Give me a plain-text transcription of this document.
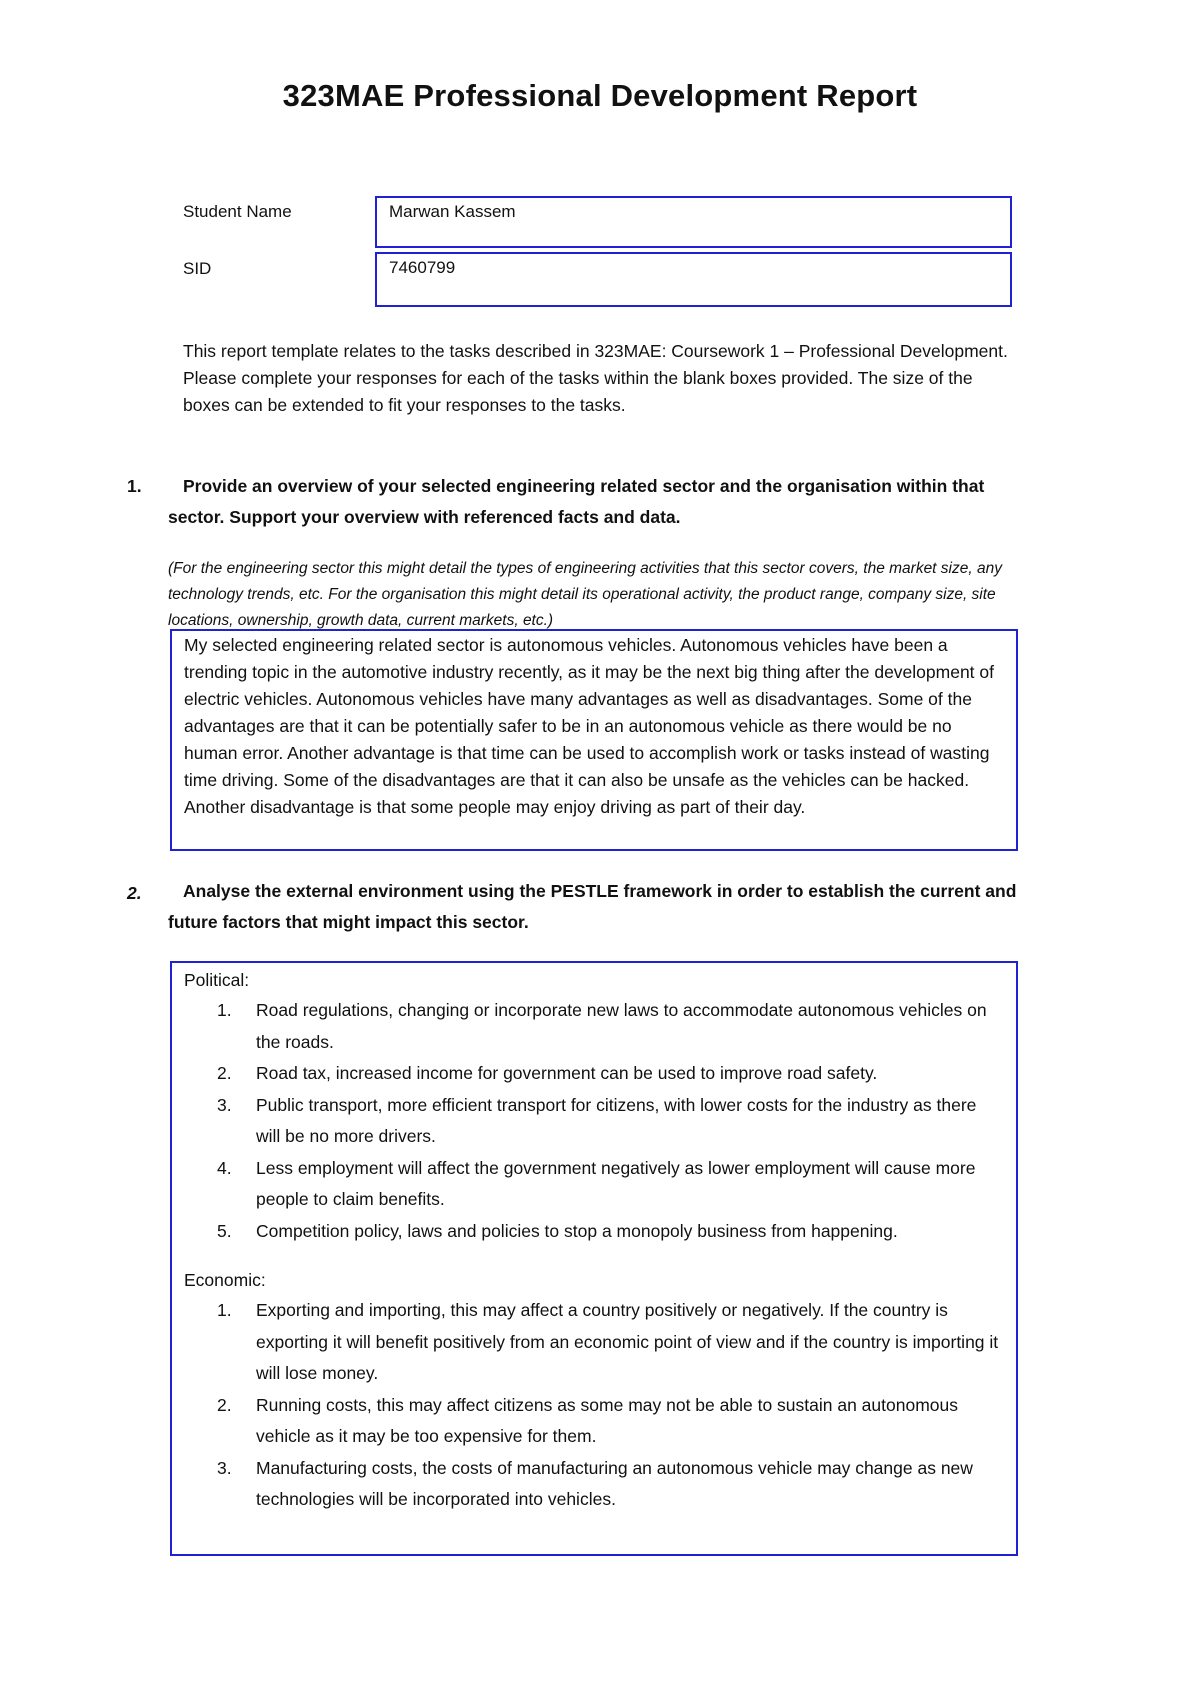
323MAE Professional Development Report
Student Name	Marwan Kassem
SID	7460799

This report template relates to the tasks described in 323MAE: Coursework 1 – Professional Development.

Please complete your responses for each of the tasks within the blank boxes provided. The size of the boxes can be extended to fit your responses to the tasks.

1.	Provide an overview of your selected engineering related sector and the organisation within that sector. Support your overview with referenced facts and data.
(For the engineering sector this might detail the types of engineering activities that this sector covers, the market size, any technology trends, etc. For the organisation this might detail its operational activity, the product range, company size, site locations, ownership, growth data, current markets, etc.)

My selected engineering related sector is autonomous vehicles. Autonomous vehicles have been a trending topic in the automotive industry recently, as it may be the next big thing after the development of electric vehicles. Autonomous vehicles have many advantages as well as disadvantages. Some of the advantages are that it can be potentially safer to be in an autonomous vehicle as there would be no human error. Another advantage is that time can be used to accomplish work or tasks instead of wasting time driving. Some of the disadvantages are that it can also be unsafe as the vehicles can be hacked. Another disadvantage is that some people may enjoy driving as part of their day.

2.	Analyse the external environment using the PESTLE framework in order to establish the current and future factors that might impact this sector.

Political:

1. Road regulations, changing or incorporate new laws to accommodate autonomous vehicles on the roads.
2. Road tax, increased income for government can be used to improve road safety.
3. Public transport, more efficient transport for citizens, with lower costs for the industry as there will be no more drivers.
4. Less employment will affect the government negatively as lower employment will cause more people to claim benefits.
5. Competition policy, laws and policies to stop a monopoly business from happening.

Economic:

1. Exporting and importing, this may affect a country positively or negatively. If the country is exporting it will benefit positively from an economic point of view and if the country is importing it will lose money.
2. Running costs, this may affect citizens as some may not be able to sustain an autonomous vehicle as it may be too expensive for them.
3. Manufacturing costs, the costs of manufacturing an autonomous vehicle may change as new technologies will be incorporated into vehicles.
